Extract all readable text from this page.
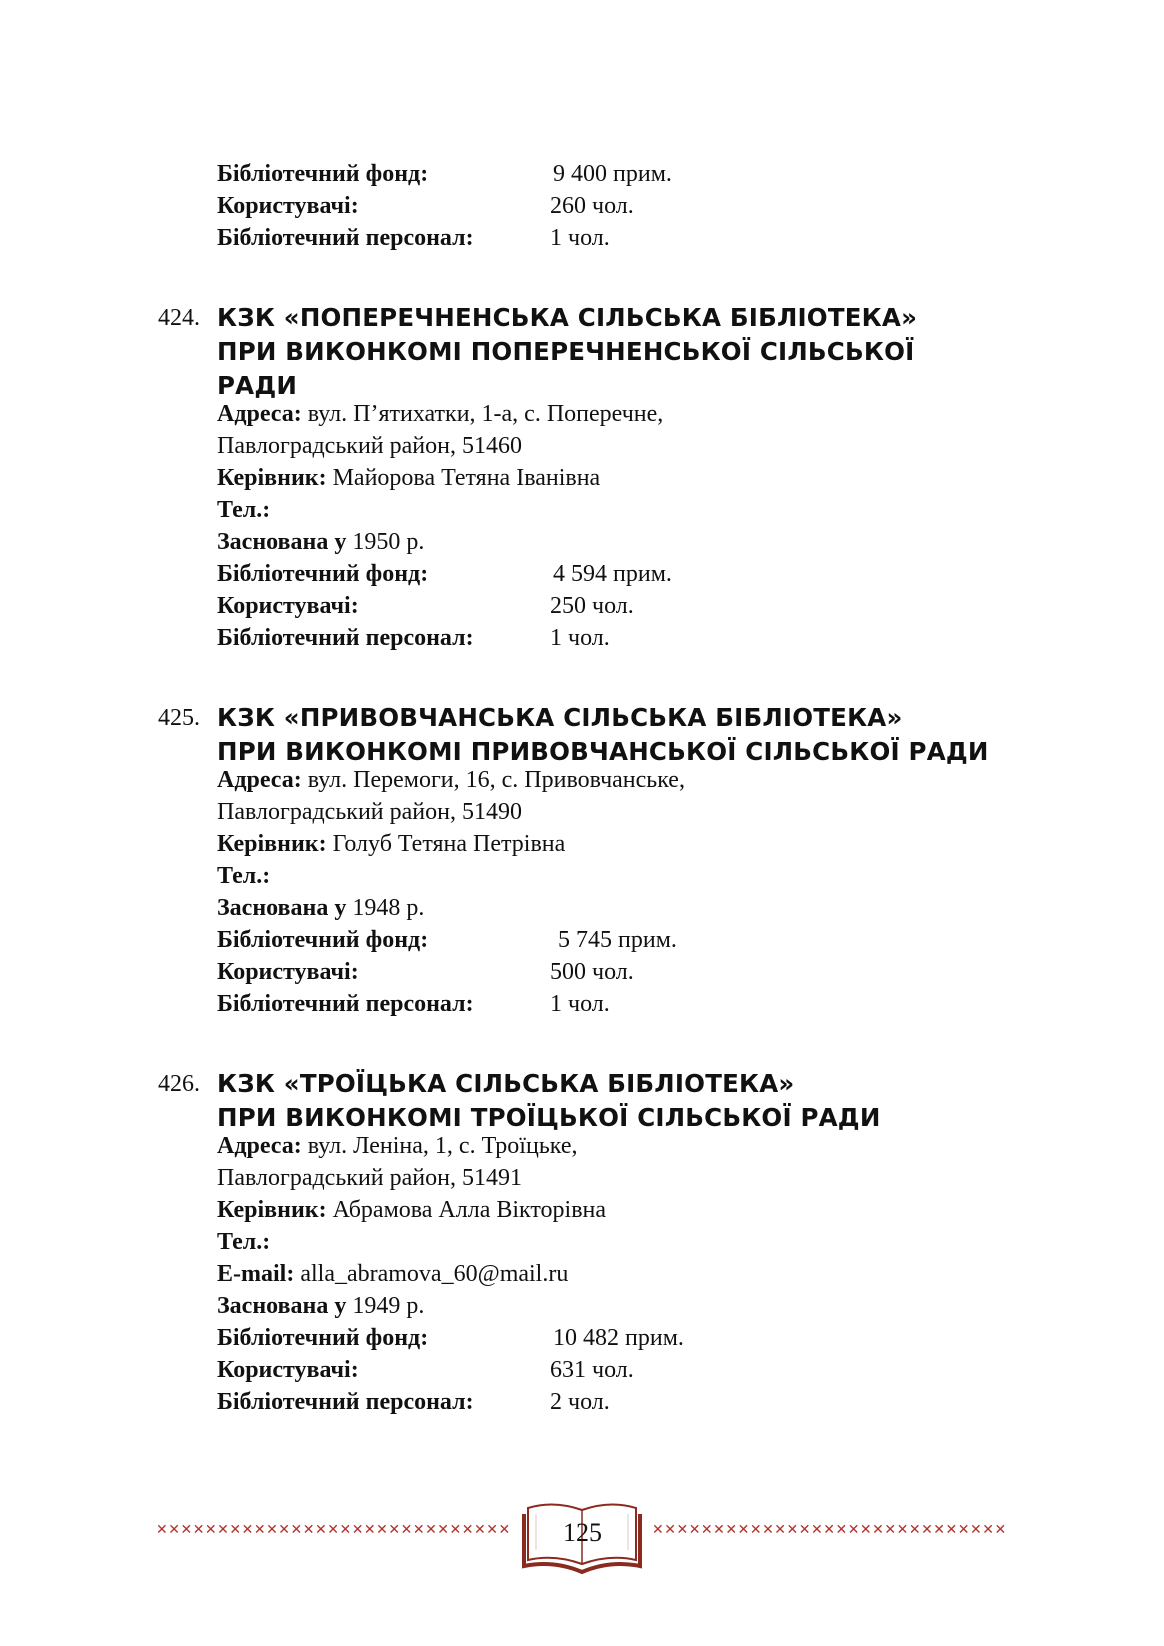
Бібліотечний фонд:	9 400 прим.
Користувачі:	260 чол.
Бібліотечний персонал:	1 чол.
424. КЗК «ПОПЕРЕЧНЕНСЬКА СІЛЬСЬКА БІБЛІОТЕКА»
ПРИ ВИКОНКОМІ ПОПЕРЕЧНЕНСЬКОЇ СІЛЬСЬКОЇ
РАДИ
Адреса: вул. П’ятихатки, 1-а, с. Поперечне,
Павлоградський район, 51460
Керівник: Майорова Тетяна Іванівна
Тел.:
Заснована у 1950 р.
Бібліотечний фонд:	4 594 прим.
Користувачі:	250 чол.
Бібліотечний персонал:	1 чол.
425. КЗК «ПРИВОВЧАНСЬКА СІЛЬСЬКА БІБЛІОТЕКА»
ПРИ ВИКОНКОМІ ПРИВОВЧАНСЬКОЇ СІЛЬСЬКОЇ РАДИ
Адреса: вул. Перемоги, 16, с. Привовчанське,
Павлоградський район, 51490
Керівник: Голуб Тетяна Петрівна
Тел.:
Заснована у 1948 р.
Бібліотечний фонд:	5 745 прим.
Користувачі:	500 чол.
Бібліотечний персонал:	1 чол.
426. КЗК «ТРОЇЦЬКА СІЛЬСЬКА БІБЛІОТЕКА»
ПРИ ВИКОНКОМІ ТРОЇЦЬКОЇ СІЛЬСЬКОЇ РАДИ
Адреса: вул. Леніна, 1, с. Троїцьке,
Павлоградський район, 51491
Керівник: Абрамова Алла Вікторівна
Тел.:
E-mail: alla_abramova_60@mail.ru
Заснована у 1949 р.
Бібліотечний фонд:	10 482 прим.
Користувачі:	631 чол.
Бібліотечний персонал:	2 чол.
✕✕✕✕✕✕✕✕✕✕✕✕✕✕✕✕✕✕✕✕✕✕✕✕✕✕✕✕✕	✕✕✕✕✕✕✕✕✕✕✕✕✕✕✕✕✕✕✕✕✕✕✕✕✕✕✕✕✕
125
